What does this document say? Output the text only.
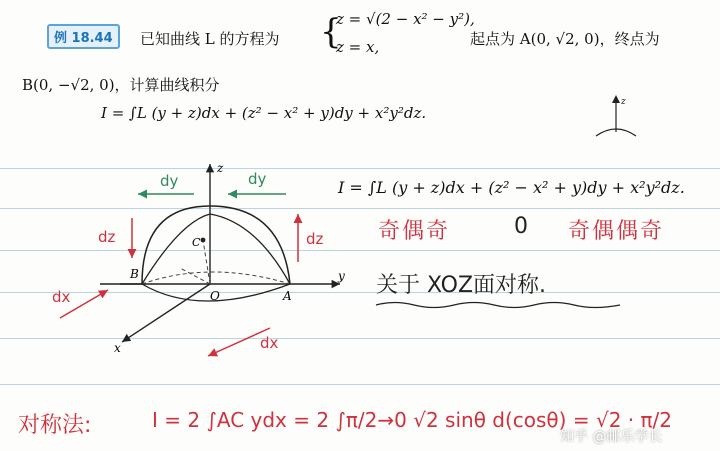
例 18.44	已知曲线 L 的方程为 {
z = √(2 − x² − y²),
z = x,	起点为 A(0, √2, 0)，终点为
B(0, −√2, 0)，计算曲线积分
I = ∫L (y + z)dx + (z² − x² + y)dy + x²y²dz.
z
z
y
x
B
O	A
C
dy	dy
dz	dz
dx
dx
I = ∫L (y + z)dx + (z² − x² + y)dy + x²y²dz.
奇偶奇	0 奇偶偶奇
关于 XOZ面对称.
对称法:	I = 2 ∫AC ydx = 2 ∫π/2→0 √2 sinθ d(cosθ) = √2 · π/2
知乎 @邮乐学长
